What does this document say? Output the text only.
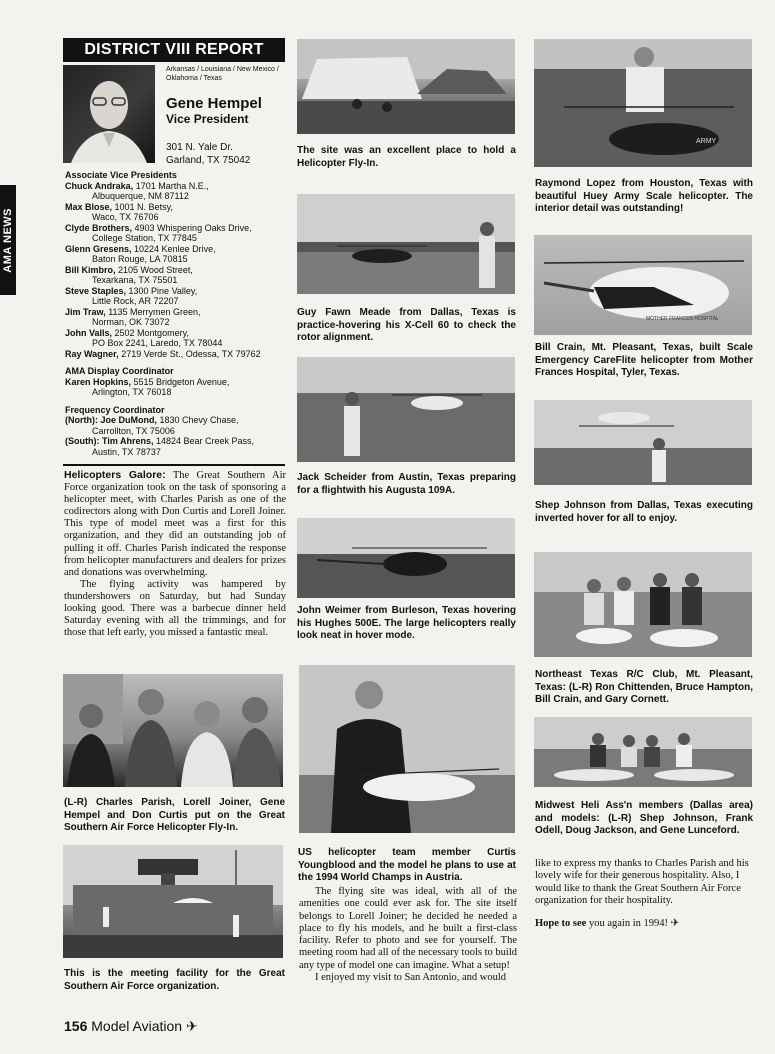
AMA NEWS
DISTRICT VIII REPORT
Arkansas / Louisiana / New Mexico / Oklahoma / Texas
Gene Hempel
Vice President
301 N. Yale Dr.
Garland, TX 75042
Associate Vice Presidents
Chuck Andraka, 1701 Martha N.E.,
Albuquerque, NM 87112
Max Blose, 1001 N. Betsy,
Waco, TX 76706
Clyde Brothers, 4903 Whispering Oaks Drive,
College Station, TX 77845
Glenn Gresens, 10224 Kenlee Drive,
Baton Rouge, LA 70815
Bill Kimbro, 2105 Wood Street,
Texarkana, TX 75501
Steve Staples, 1300 Pine Valley,
Little Rock, AR 72207
Jim Traw, 1135 Merrymen Green,
Norman, OK 73072
John Valls, 2502 Montgomery,
PO Box 2241, Laredo, TX 78044
Ray Wagner, 2719 Verde St., Odessa, TX 79762
AMA Display Coordinator
Karen Hopkins, 5515 Bridgeton Avenue,
Arlington, TX 76018
Frequency Coordinator
(North): Joe DuMond, 1830 Chevy Chase,
Carrollton, TX 75006
(South): Tim Ahrens, 14824 Bear Creek Pass,
Austin, TX 78737

Helicopters Galore: The Great Southern Air Force organization took on the task of sponsoring a helicopter meet, with Charles Parish as one of the codirectors along with Don Curtis and Lorell Joiner. This type of model meet was a first for this organization, and they did an outstanding job of pulling it off. Charles Parish indicated the response from helicopter manufacturers and dealers for prizes and donations was overwhelming.

The flying activity was hampered by thundershowers on Saturday, but had Sunday looking good. There was a barbecue dinner held Saturday evening with all the trimmings, and for those that left early, you missed a fantastic meal.

(L-R) Charles Parish, Lorell Joiner, Gene Hempel and Don Curtis put on the Great Southern Air Force Helicopter Fly-In.
This is the meeting facility for the Great Southern Air Force organization.
The site was an excellent place to hold a Helicopter Fly-In.
Guy Fawn Meade from Dallas, Texas is practice-hovering his X-Cell 60 to check the rotor alignment.
Jack Scheider from Austin, Texas preparing for a flightwith his Augusta 109A.
John Weimer from Burleson, Texas hovering his Hughes 500E. The large helicopters really look neat in hover mode.
US helicopter team member Curtis Youngblood and the model he plans to use at the 1994 World Champs in Austria.

The flying site was ideal, with all of the amenities one could ever ask for. The site itself belongs to Lorell Joiner; he decided he needed a place to fly his models, and he built a first-class facility. Refer to photo and see for yourself. The meeting room had all of the necessary tools to build any type of model one can imagine. What a setup!

I enjoyed my visit to San Antonio, and would

ARMY
Raymond Lopez from Houston, Texas with beautiful Huey Army Scale helicopter. The interior detail was outstanding!
MOTHER FRANCES HOSPITAL
Bill Crain, Mt. Pleasant, Texas, built Scale Emergency CareFlite helicopter from Mother Frances Hospital, Tyler, Texas.
Shep Johnson from Dallas, Texas executing inverted hover for all to enjoy.
Northeast Texas R/C Club, Mt. Pleasant, Texas: (L-R) Ron Chittenden, Bruce Hampton, Bill Crain, and Gary Cornett.
Midwest Heli Ass'n members (Dallas area) and models: (L-R) Shep Johnson, Frank Odell, Doug Jackson, and Gene Lunceford.

like to express my thanks to Charles Parish and his lovely wife for their generous hospitality. Also, I would like to thank the Great Southern Air Force organization for their hospitality.

Hope to see you again in 1994! ✈

156 Model Aviation ✈
